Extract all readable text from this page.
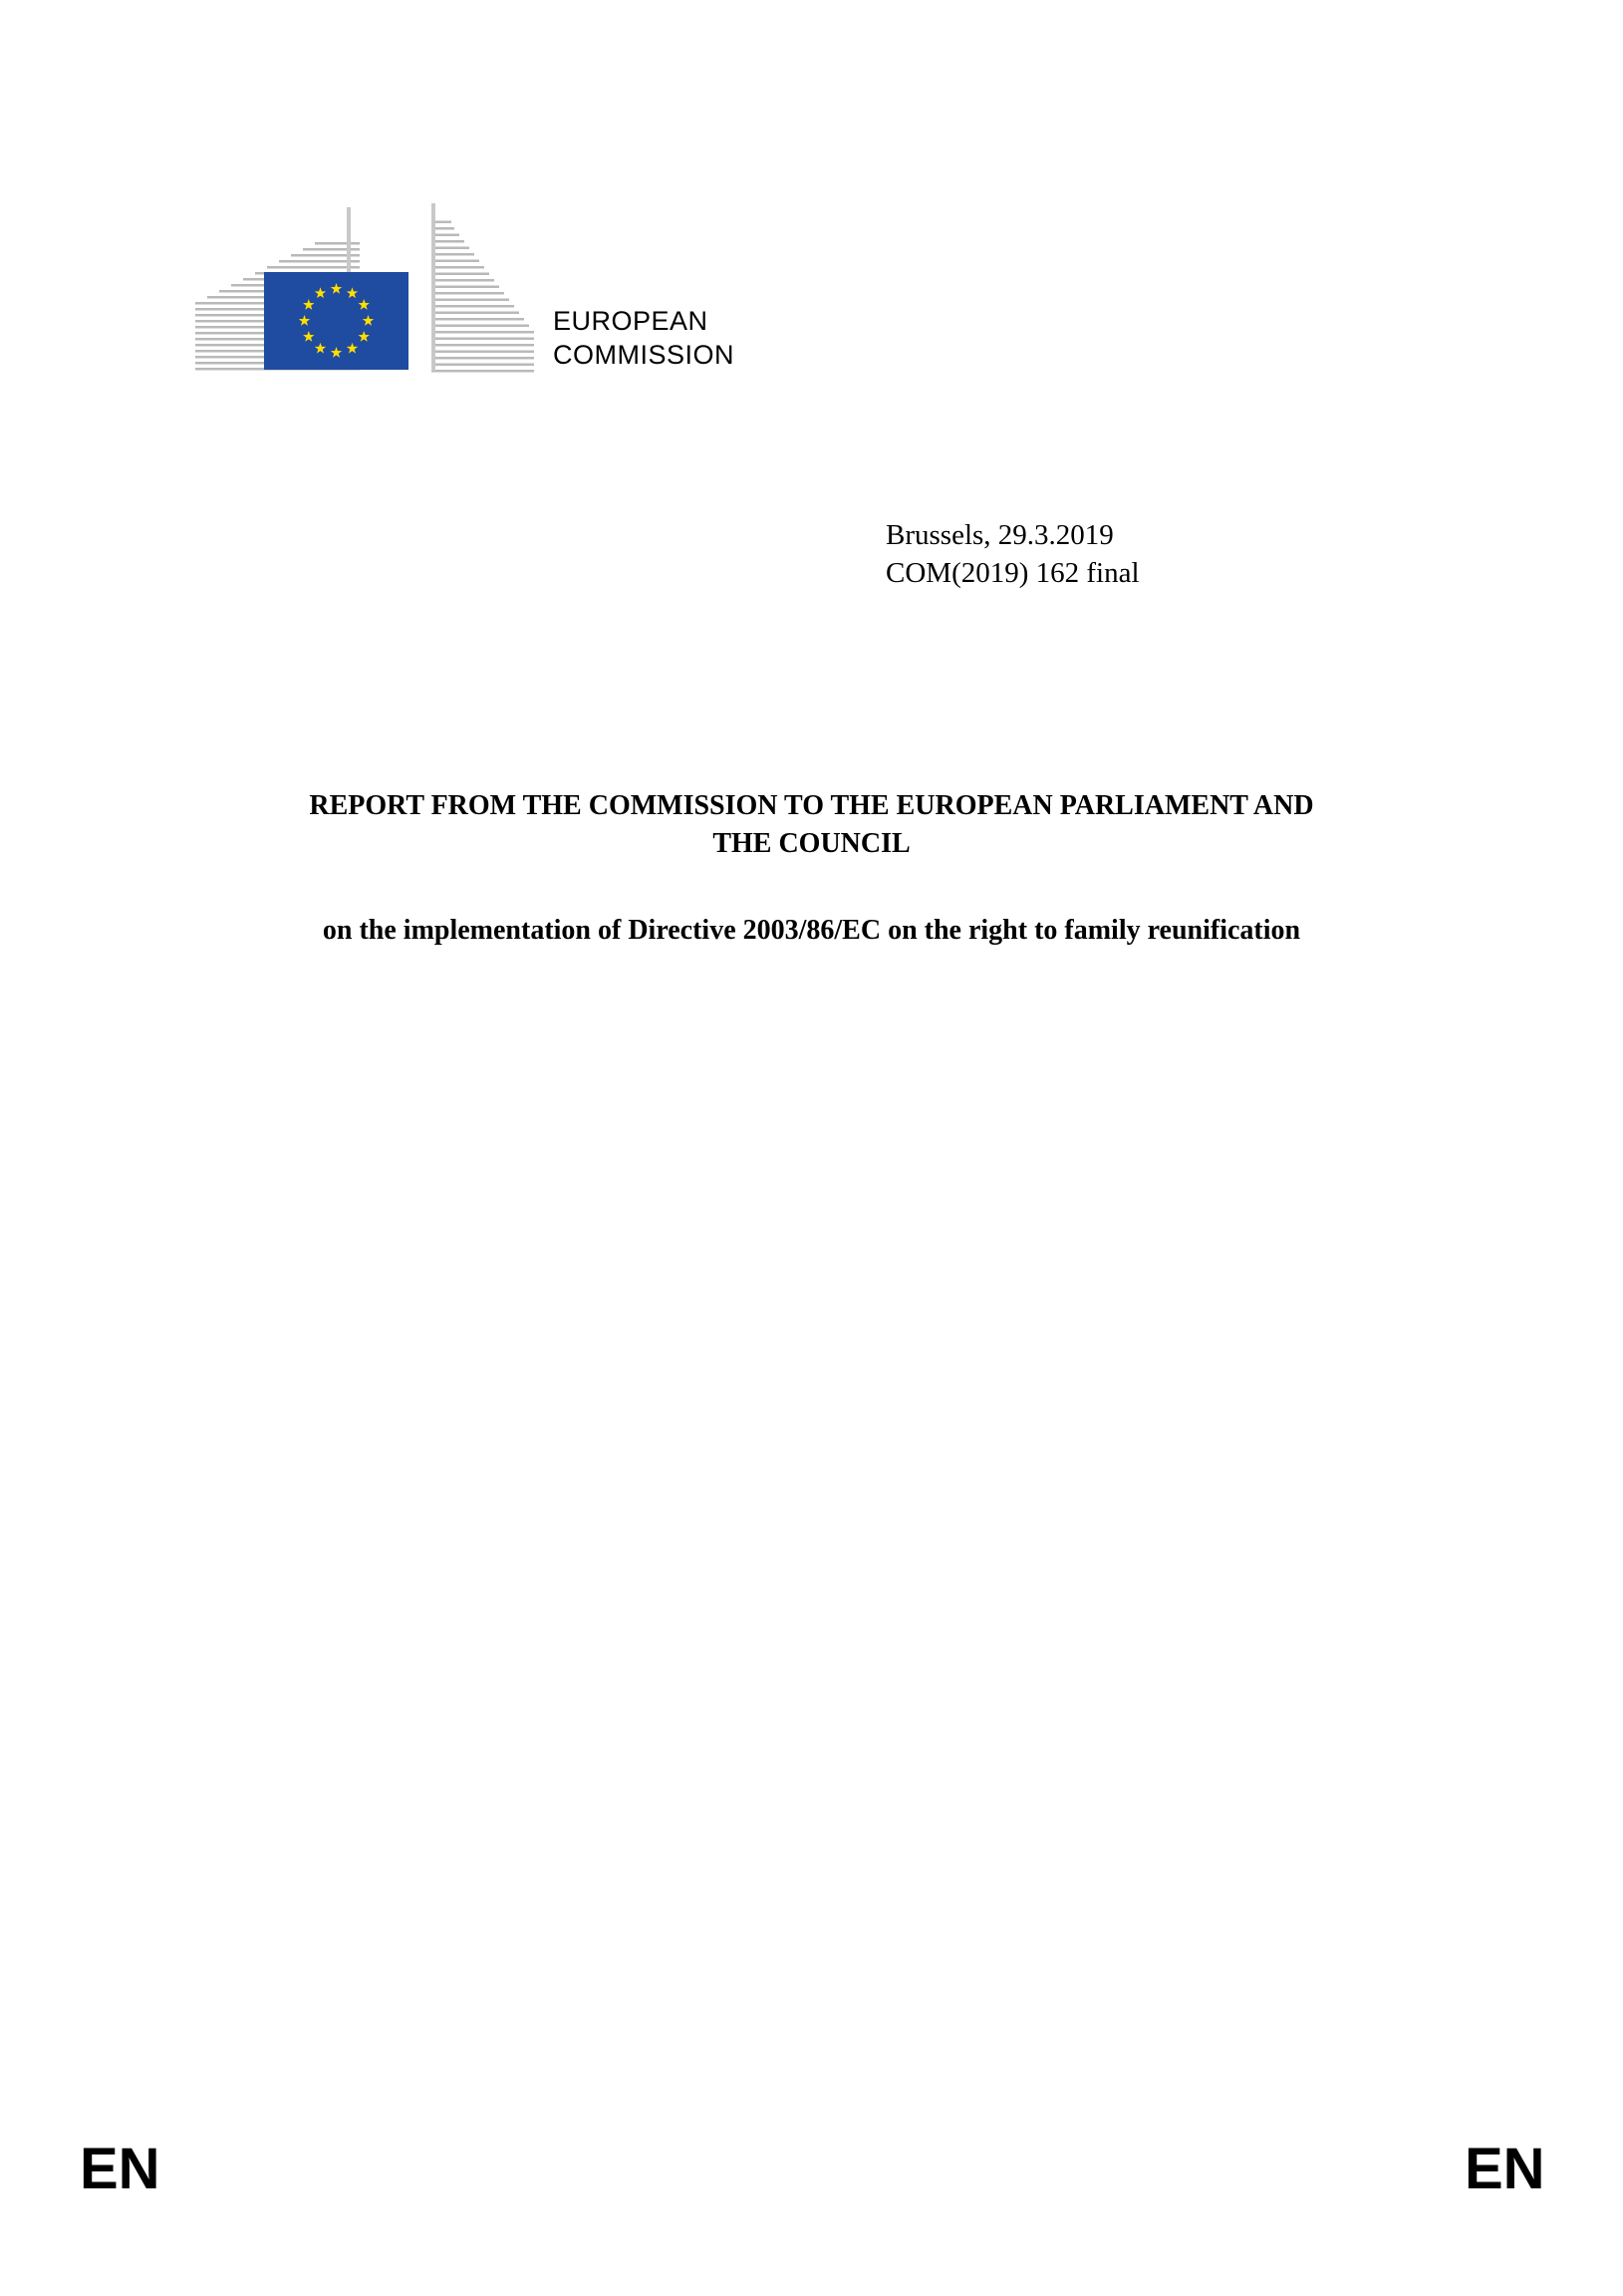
EUROPEAN
COMMISSION
Brussels, 29.3.2019
COM(2019) 162 final
REPORT FROM THE COMMISSION TO THE EUROPEAN PARLIAMENT AND
THE COUNCIL
on the implementation of Directive 2003/86/EC on the right to family reunification
EN	EN
